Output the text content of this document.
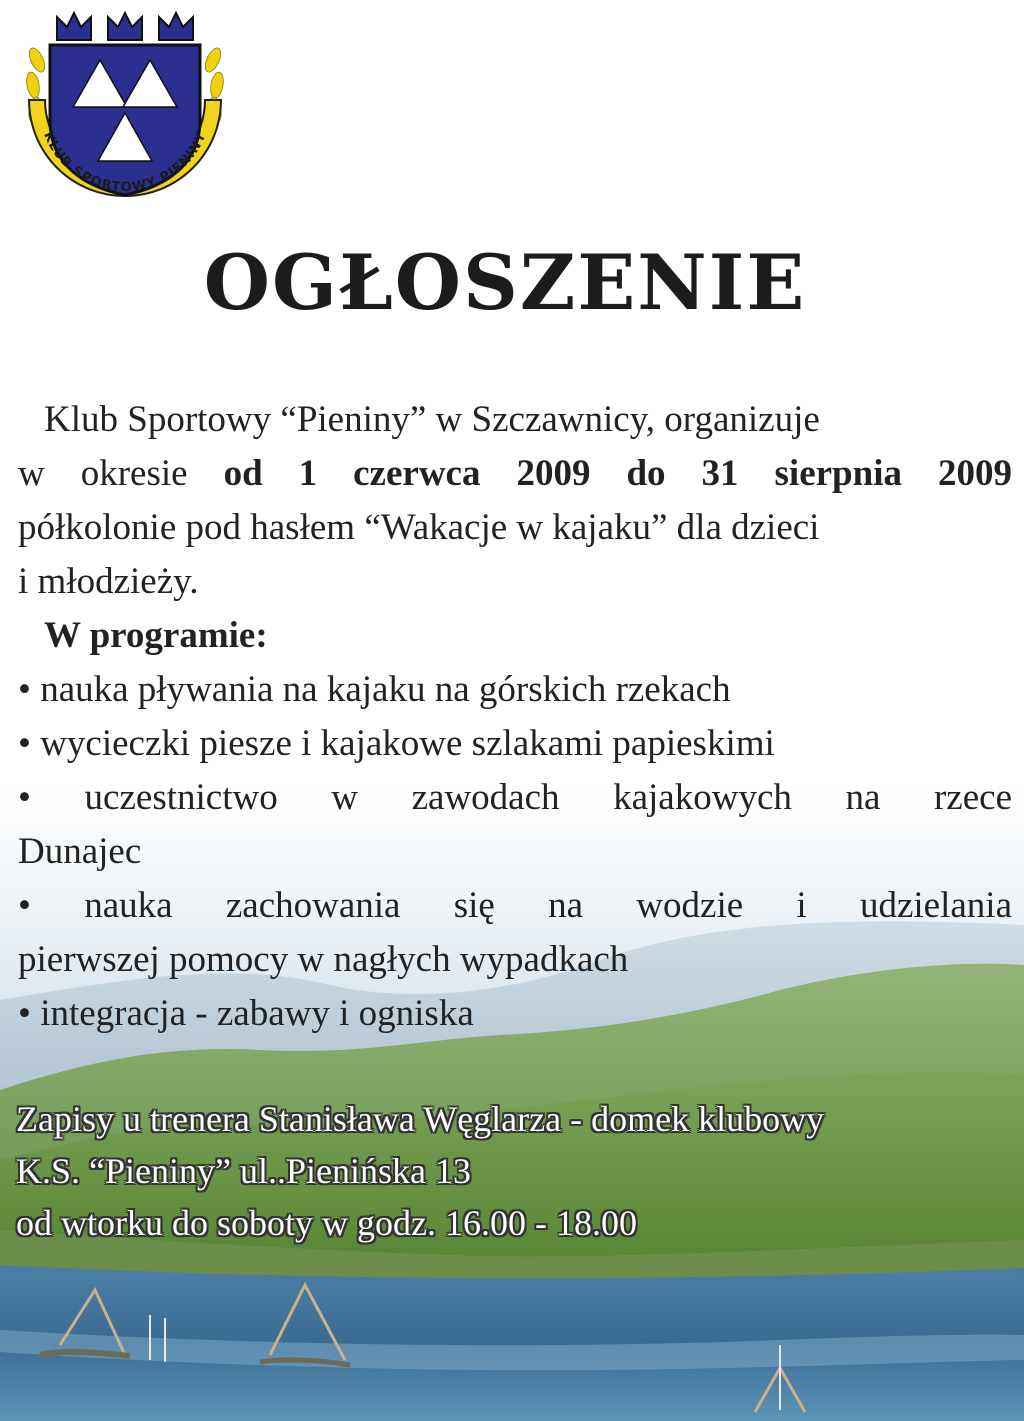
KLUB SPORTOWY PIENINY
OGŁOSZENIE
Klub Sportowy “Pieniny” w Szczawnicy, organizuje
w okresie od 1 czerwca 2009 do 31 sierpnia 2009
półkolonie pod hasłem “Wakacje w kajaku” dla dzieci
i młodzieży.
W programie:
• nauka pływania na kajaku na górskich rzekach
• wycieczki piesze i kajakowe szlakami papieskimi
• uczestnictwo w zawodach kajakowych na rzece
Dunajec
• nauka zachowania się na wodzie i udzielania
pierwszej pomocy w nagłych wypadkach
• integracja - zabawy i ogniska
Zapisy u trenera Stanisława Węglarza - domek klubowy
K.S. “Pieniny” ul..Pienińska 13
od wtorku do soboty w godz. 16.00 - 18.00
